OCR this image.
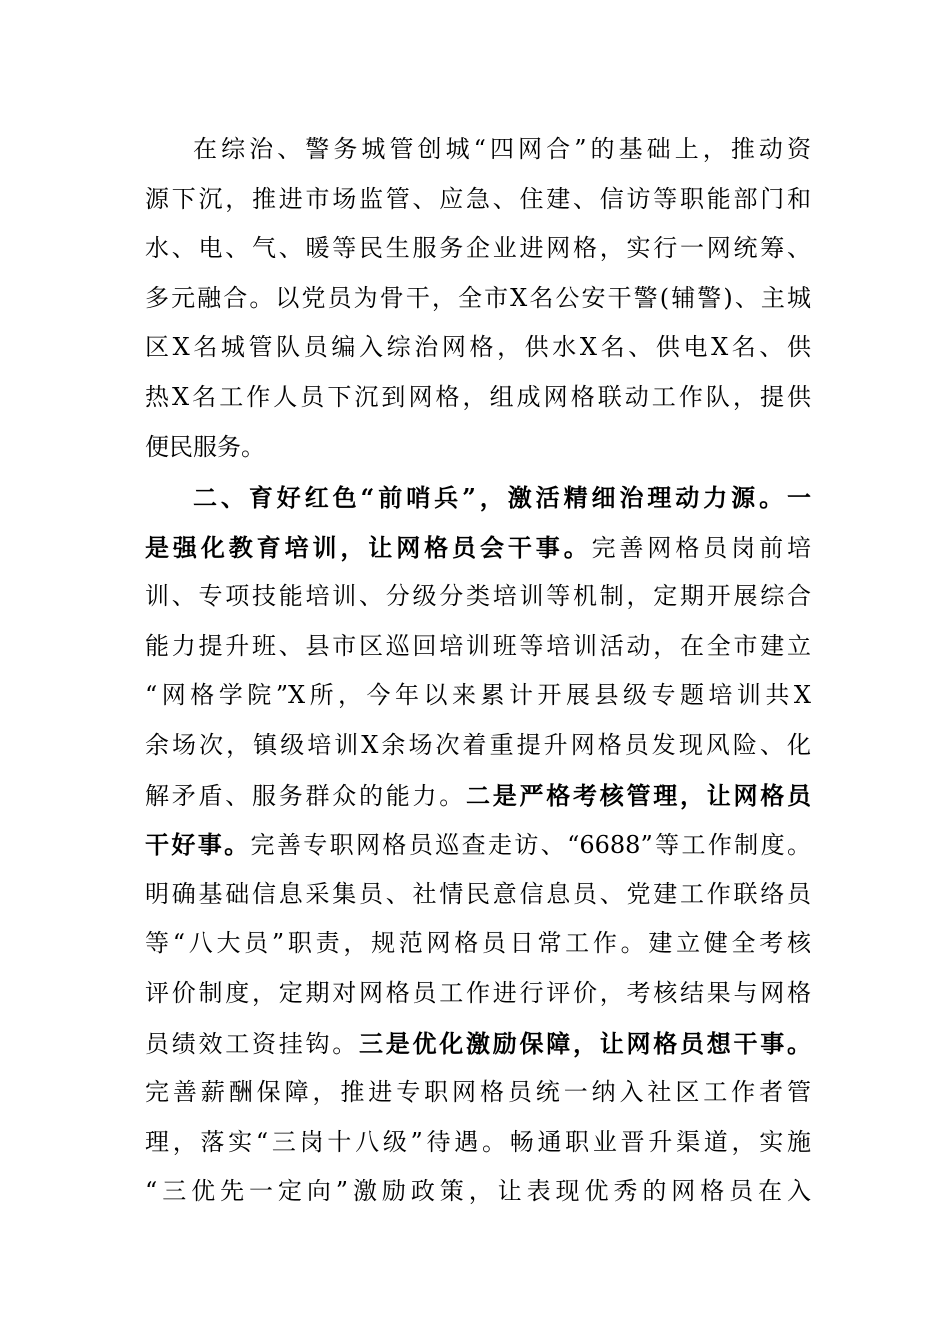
在综治、警务城管创城“四网合”的基础上，推动资
源下沉，推进市场监管、应急、住建、信访等职能部门和
水、电、气、暖等民生服务企业进网格，实行一网统筹、
多元融合。以党员为骨干，全市X名公安干警(辅警)、主城
区X名城管队员编入综治网格，供水X名、供电X名、供
热X名工作人员下沉到网格，组成网格联动工作队，提供
便民服务。
二、育好红色“前哨兵”，激活精细治理动力源。一
是强化教育培训，让网格员会干事。完善网格员岗前培
训、专项技能培训、分级分类培训等机制，定期开展综合
能力提升班、县市区巡回培训班等培训活动，在全市建立
“网格学院”X所，今年以来累计开展县级专题培训共X
余场次，镇级培训X余场次着重提升网格员发现风险、化
解矛盾、服务群众的能力。二是严格考核管理，让网格员
干好事。完善专职网格员巡查走访、“6688”等工作制度。
明确基础信息采集员、社情民意信息员、党建工作联络员
等“八大员”职责，规范网格员日常工作。建立健全考核
评价制度，定期对网格员工作进行评价，考核结果与网格
员绩效工资挂钩。三是优化激励保障，让网格员想干事。
完善薪酬保障，推进专职网格员统一纳入社区工作者管
理，落实“三岗十八级”待遇。畅通职业晋升渠道，实施
“三优先一定向”激励政策，让表现优秀的网格员在入
